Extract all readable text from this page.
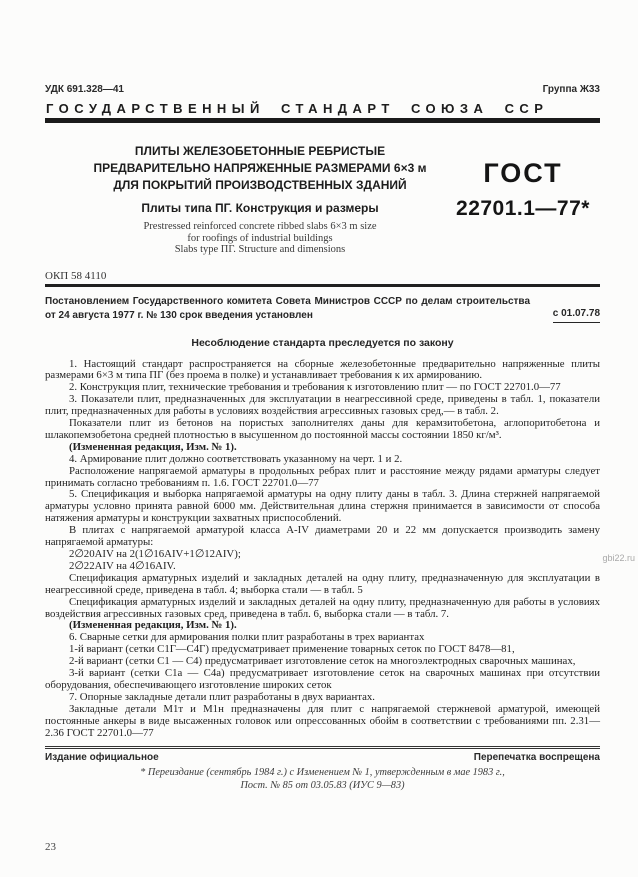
УДК 691.328—41	Группа Ж33
ГОСУДАРСТВЕННЫЙ СТАНДАРТ СОЮЗА ССР
ПЛИТЫ ЖЕЛЕЗОБЕТОННЫЕ РЕБРИСТЫЕ
ПРЕДВАРИТЕЛЬНО НАПРЯЖЕННЫЕ РАЗМЕРАМИ 6×3 м
ДЛЯ ПОКРЫТИЙ ПРОИЗВОДСТВЕННЫХ ЗДАНИЙ
Плиты типа ПГ. Конструкция и размеры
Prestressed reinforced concrete ribbed slabs 6×3 m size
for roofings of industrial buildings
Slabs type ПГ. Structure and dimensions
ГОСТ
22701.1—77*
ОКП 58 4110
Постановлением Государственного комитета Совета Министров СССР по делам строительства от 24 августа 1977 г. № 130 срок введения установлен	с 01.07.78
Несоблюдение стандарта преследуется по закону

1. Настоящий стандарт распространяется на сборные железобетонные предварительно напряженные плиты размерами 6×3 м типа ПГ (без проема в полке) и устанавливает требования к их армированию.

2. Конструкция плит, технические требования и требования к изготовлению плит — по ГОСТ 22701.0—77

3. Показатели плит, предназначенных для эксплуатации в неагрессивной среде, приведены в табл. 1, показатели плит, предназначенных для работы в условиях воздействия агрессивных газовых сред,— в табл. 2.

Показатели плит из бетонов на пористых заполнителях даны для керамзитобетона, аглопоритобетона и шлакопемзобетона средней плотностью в высушенном до постоянной массы состоянии 1850 кг/м³.

(Измененная редакция, Изм. № 1).

4. Армирование плит должно соответствовать указанному на черт. 1 и 2.

Расположение напрягаемой арматуры в продольных ребрах плит и расстояние между рядами арматуры следует принимать согласно требованиям п. 1.6. ГОСТ 22701.0—77

5. Спецификация и выборка напрягаемой арматуры на одну плиту даны в табл. 3. Длина стержней напрягаемой арматуры условно принята равной 6000 мм. Действительная длина стержня принимается в зависимости от способа натяжения арматуры и конструкции захватных приспособлений.

В плитах с напрягаемой арматурой класса А-IV диаметрами 20 и 22 мм допускается производить замену напрягаемой арматуры:

2∅20АIV на 2(1∅16АIV+1∅12АIV);

2∅22АIV на 4∅16АIV.

Спецификация арматурных изделий и закладных деталей на одну плиту, предназначенную для эксплуатации в неагрессивной среде, приведена в табл. 4; выборка стали — в табл. 5

Спецификация арматурных изделий и закладных деталей на одну плиту, предназначенную для работы в условиях воздействия агрессивных газовых сред, приведена в табл. 6, выборка стали — в табл. 7.

(Измененная редакция, Изм. № 1).

6. Сварные сетки для армирования полки плит разработаны в трех вариантах

1-й вариант (сетки С1Г—С4Г) предусматривает применение товарных сеток по ГОСТ 8478—81,

2-й вариант (сетки С1 — С4) предусматривает изготовление сеток на многоэлектродных сварочных машинах,

3-й вариант (сетки С1а — С4а) предусматривает изготовление сеток на сварочных машинах при отсутствии оборудования, обеспечивающего изготовление широких сеток

7. Опорные закладные детали плит разработаны в двух вариантах.

Закладные детали М1т и М1н предназначены для плит с напрягаемой стержневой арматурой, имеющей постоянные анкеры в виде высаженных головок или опрессованных обойм в соответствии с требованиями пп. 2.31—2.36 ГОСТ 22701.0—77

Издание официальное	Перепечатка воспрещена
* Переиздание (сентябрь 1984 г.) с Изменением № 1, утвержденным в мае 1983 г.,
Пост. № 85 от 03.05.83 (ИУС 9—83)
23
gbi22.ru
